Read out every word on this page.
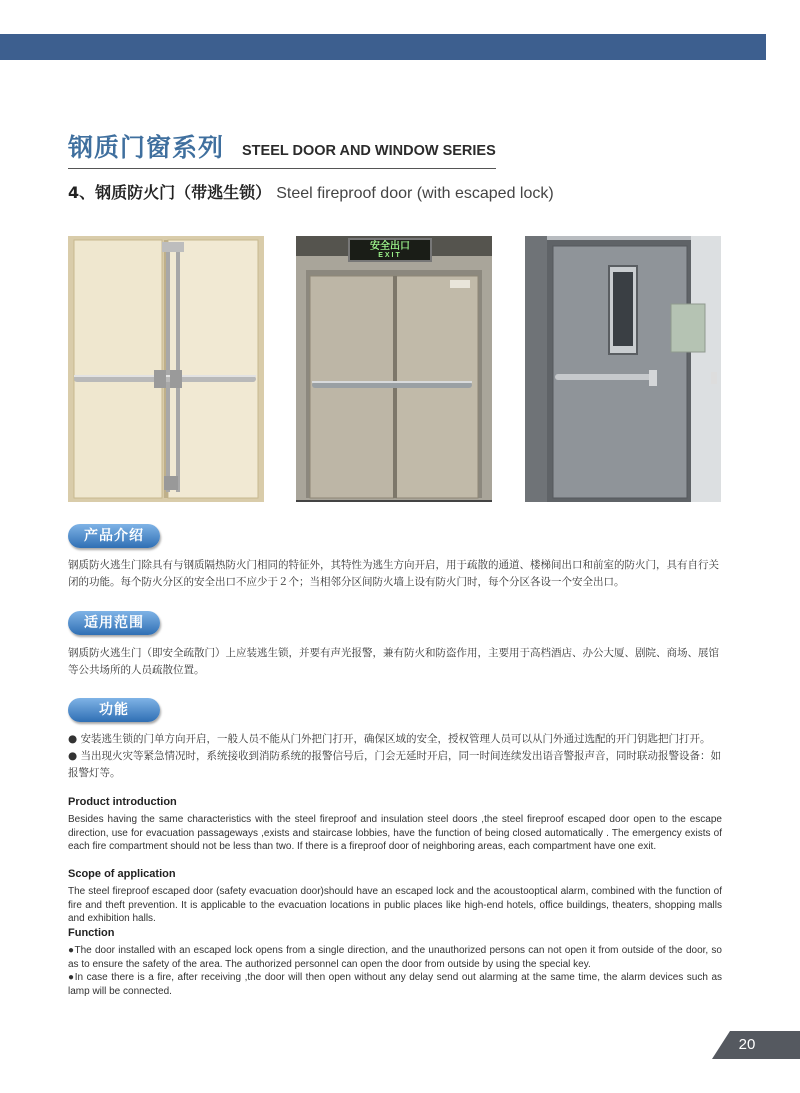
钢质门窗系列 STEEL DOOR AND WINDOW SERIES
4、钢质防火门（带逃生锁） Steel fireproof door (with escaped lock)
安全出口
EXIT
产品介绍

钢质防火逃生门除具有与钢质隔热防火门相同的特征外，其特性为逃生方向开启，用于疏散的通道、楼梯间出口和前室的防火门，具有自行关闭的功能。每个防火分区的安全出口不应少于２个；当相邻分区间防火墙上设有防火门时，每个分区各设一个安全出口。

适用范围

钢质防火逃生门（即安全疏散门）上应装逃生锁，并要有声光报警，兼有防火和防盗作用，主要用于高档酒店、办公大厦、剧院、商场、展馆等公共场所的人员疏散位置。

功能

● 安装逃生锁的门单方向开启，一般人员不能从门外把门打开，确保区域的安全，授权管理人员可以从门外通过选配的开门钥匙把门打开。

● 当出现火灾等紧急情况时，系统接收到消防系统的报警信号后，门会无延时开启，同一时间连续发出语音警报声音，同时联动报警设备：如报警灯等。

Product introduction

Besides having the same characteristics with the steel fireproof and insulation steel doors ,the steel fireproof escaped door open to the escape direction, use for evacuation passageways ,exists and staircase lobbies, have the function of being closed automatically . The emergency exists of each fire compartment should not be less than two. If there is a fireproof door of neighboring areas, each compartment have one exit.

Scope of application

The steel fireproof escaped door (safety evacuation door)should have an escaped lock and the acoustooptical alarm, combined with the function of fire and theft prevention. It is applicable to the evacuation locations in public places like high-end hotels, office buildings, theaters, shopping malls and exhibition halls.

Function

●The door installed with an escaped lock opens from a single direction, and the unauthorized persons can not open it from outside of the door, so as to ensure the safety of the area. The authorized personnel can open the door from outside by using the special key.

●In case there is a fire, after receiving ,the door will then open without any delay send out alarming at the same time, the alarm devices such as lamp will be connected.

20
